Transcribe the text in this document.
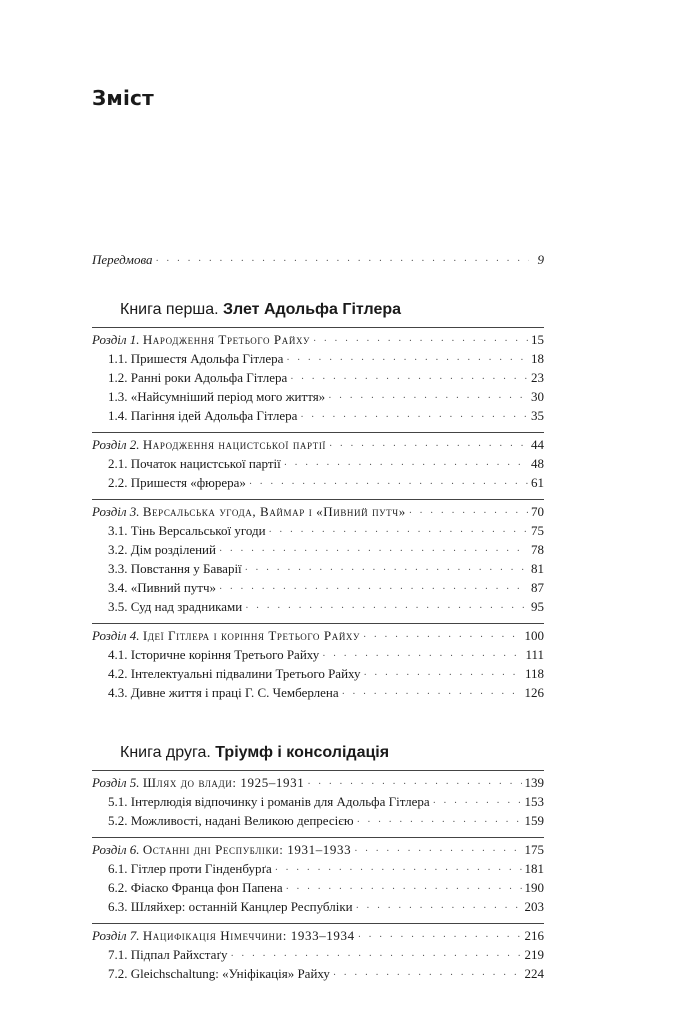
Зміст
Передмова · · ·	9
Книга перша. Злет Адольфа Гітлера
Розділ 1. Народження Третього Райху · · ·	15
1.1. Пришестя Адольфа Гітлера · · ·	18
1.2. Ранні роки Адольфа Гітлера · · ·	23
1.3. «Найсумніший період мого життя» · · ·	30
1.4. Пагіння ідей Адольфа Гітлера · · ·	35
Розділ 2. Народження нацистської партії · · ·	44
2.1. Початок нацистської партії · · ·	48
2.2. Пришестя «фюрера» · · ·	61
Розділ 3. Версальська угода, Ваймар і «Пивний путч» · · ·	70
3.1. Тінь Версальської угоди · · ·	75
3.2. Дім розділений · · ·	78
3.3. Повстання у Баварії · · ·	81
3.4. «Пивний путч» · · ·	87
3.5. Суд над зрадниками · · ·	95
Розділ 4. Ідеї Гітлера і коріння Третього Райху · · ·	100
4.1. Історичне коріння Третього Райху · · ·	111
4.2. Інтелектуальні підвалини Третього Райху · · ·	118
4.3. Дивне життя і праці Г. С. Чемберлена · · ·	126
Книга друга. Тріумф і консолідація
Розділ 5. Шлях до влади: 1925–1931 · · ·	139
5.1. Інтерлюдія відпочинку і романів для Адольфа Гітлера · · ·	153
5.2. Можливості, надані Великою депресією · · ·	159
Розділ 6. Останні дні Республіки: 1931–1933 · · ·	175
6.1. Гітлер проти Гінденбурґа · · ·	181
6.2. Фіаско Франца фон Папена · · ·	190
6.3. Шляйхер: останній Канцлер Республіки · · ·	203
Розділ 7. Нацифікація Німеччини: 1933–1934 · · ·	216
7.1. Підпал Райхстаґу · · ·	219
7.2. Gleichschaltung: «Уніфікація» Райху · · ·	224
